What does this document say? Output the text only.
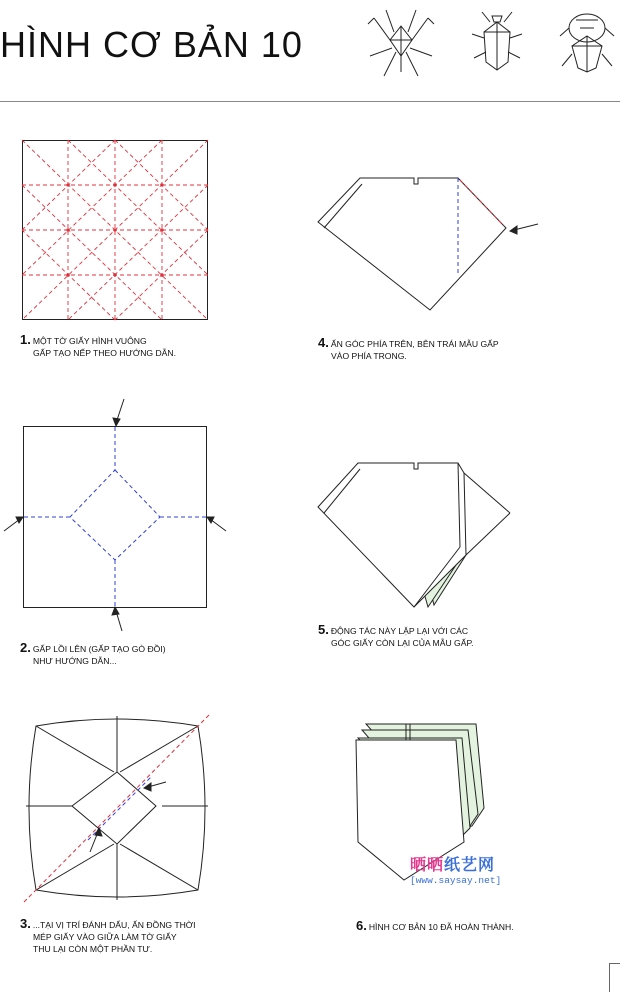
HÌNH CƠ BẢN 10
1. MỘT TỜ GIẤY HÌNH VUÔNG
GẤP TẠO NẾP THEO HƯỚNG DẪN.
2. GẤP LỒI LÊN (GẤP TẠO GÒ ĐỒI)
NHƯ HƯỚNG DẪN...
3. ...TẠI VỊ TRÍ ĐÁNH DẤU, ẤN ĐỒNG THỜI
MÉP GIẤY VÀO GIỮA LÀM TỜ GIẤY
THU LẠI CÒN MỘT PHẦN TƯ.
4. ẤN GÓC PHÍA TRÊN, BÊN TRÁI MẪU GẤP
VÀO PHÍA TRONG.
5. ĐỘNG TÁC NÀY LẶP LẠI VỚI CÁC
GÓC GIẤY CÒN LẠI CỦA MẪU GẤP.
6. HÌNH CƠ BẢN 10 ĐÃ HOÀN THÀNH.
晒晒纸艺网
[www.saysay.net]
